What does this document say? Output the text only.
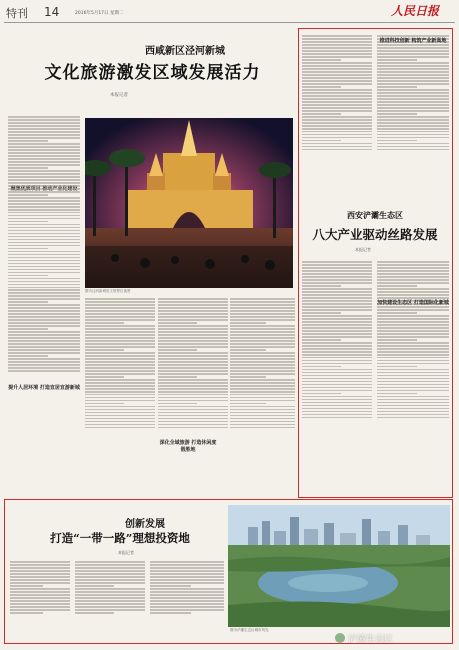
特刊 14	2016年5月17日 星期二	人民日报
西咸新区泾河新城
文化旅游激发区域发展活力
本报记者
图为泾河新城崇文塔景区夜景
提升人居环境 打造宜居宜游新城
深化全域旅游 打造休闲度假胜地

推进科技创新 构筑产业新高地
西安浐灞生态区
八大产业驱动丝路发展
本报记者
加快建设生态区 打造国际化新城
创新发展
打造“一带一路”理想投资地
本报记者
图为浐灞生态区城市风光
浐灞生态区
